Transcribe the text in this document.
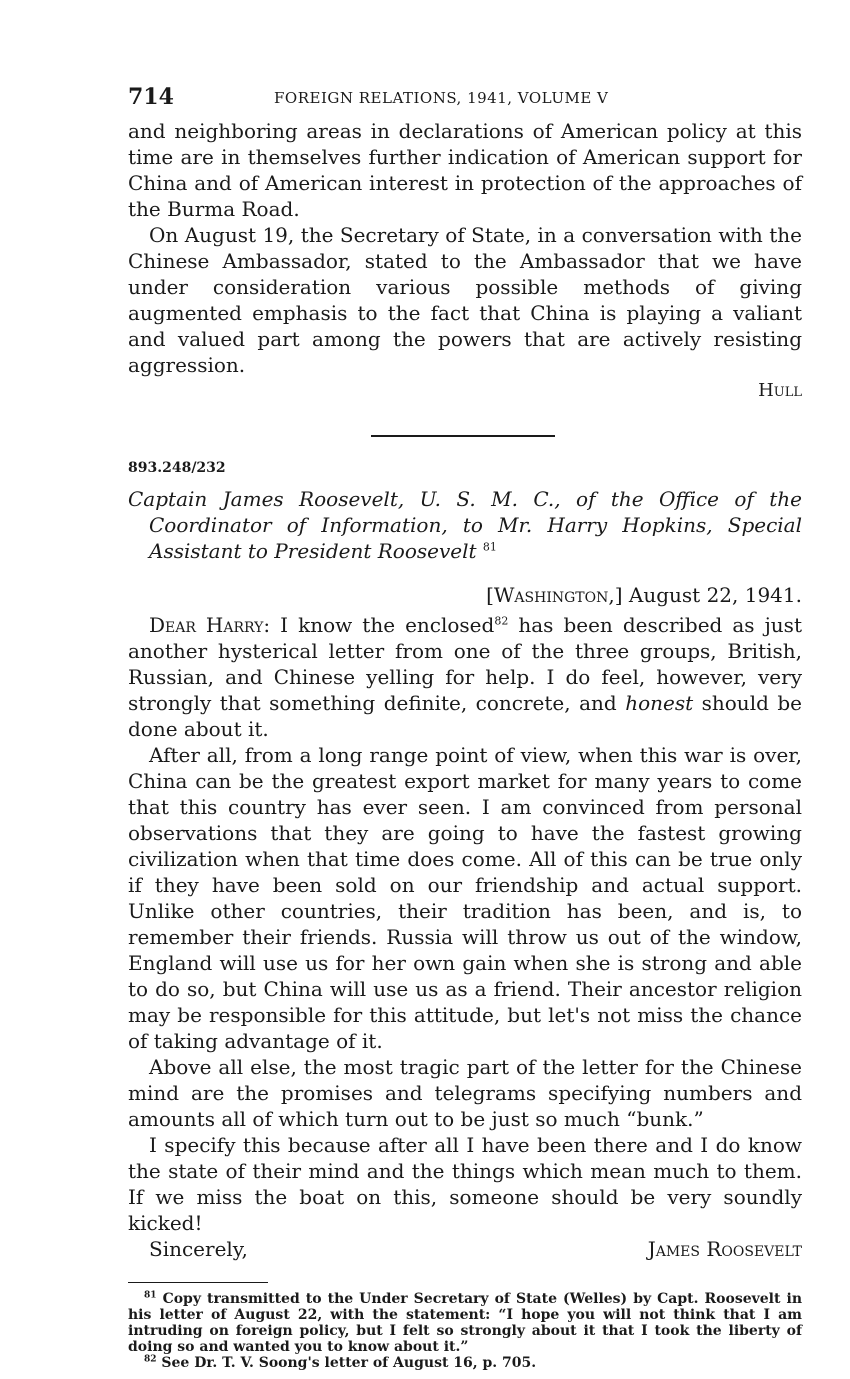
714	FOREIGN RELATIONS, 1941, VOLUME V

and neighboring areas in declarations of American policy at this time are in themselves further indication of American support for China and of American interest in protection of the approaches of the Burma Road.

On August 19, the Secretary of State, in a conversation with the Chinese Ambassador, stated to the Ambassador that we have under consideration various possible methods of giving augmented emphasis to the fact that China is playing a valiant and valued part among the powers that are actively resisting aggression.

Hull
893.248/232
Captain James Roosevelt, U. S. M. C., of the Office of the Coordinator of Information, to Mr. Harry Hopkins, Special Assistant to President Roosevelt $^{81}$
[Washington,] August 22, 1941.

Dear Harry: I know the enclosed$^{82}$ has been described as just another hysterical letter from one of the three groups, British, Russian, and Chinese yelling for help. I do feel, however, very strongly that something definite, concrete, and honest should be done about it.

After all, from a long range point of view, when this war is over, China can be the greatest export market for many years to come that this country has ever seen. I am convinced from personal observations that they are going to have the fastest growing civilization when that time does come. All of this can be true only if they have been sold on our friendship and actual support. Unlike other countries, their tradition has been, and is, to remember their friends. Russia will throw us out of the window, England will use us for her own gain when she is strong and able to do so, but China will use us as a friend. Their ancestor religion may be responsible for this attitude, but let's not miss the chance of taking advantage of it.

Above all else, the most tragic part of the letter for the Chinese mind are the promises and telegrams specifying numbers and amounts all of which turn out to be just so much “bunk.”

I specify this because after all I have been there and I do know the state of their mind and the things which mean much to them. If we miss the boat on this, someone should be very soundly kicked!

Sincerely,	James Roosevelt

$^{81}$ Copy transmitted to the Under Secretary of State (Welles) by Capt. Roosevelt in his letter of August 22, with the statement: “I hope you will not think that I am intruding on foreign policy, but I felt so strongly about it that I took the liberty of doing so and wanted you to know about it.”

$^{82}$ See Dr. T. V. Soong's letter of August 16, p. 705.
